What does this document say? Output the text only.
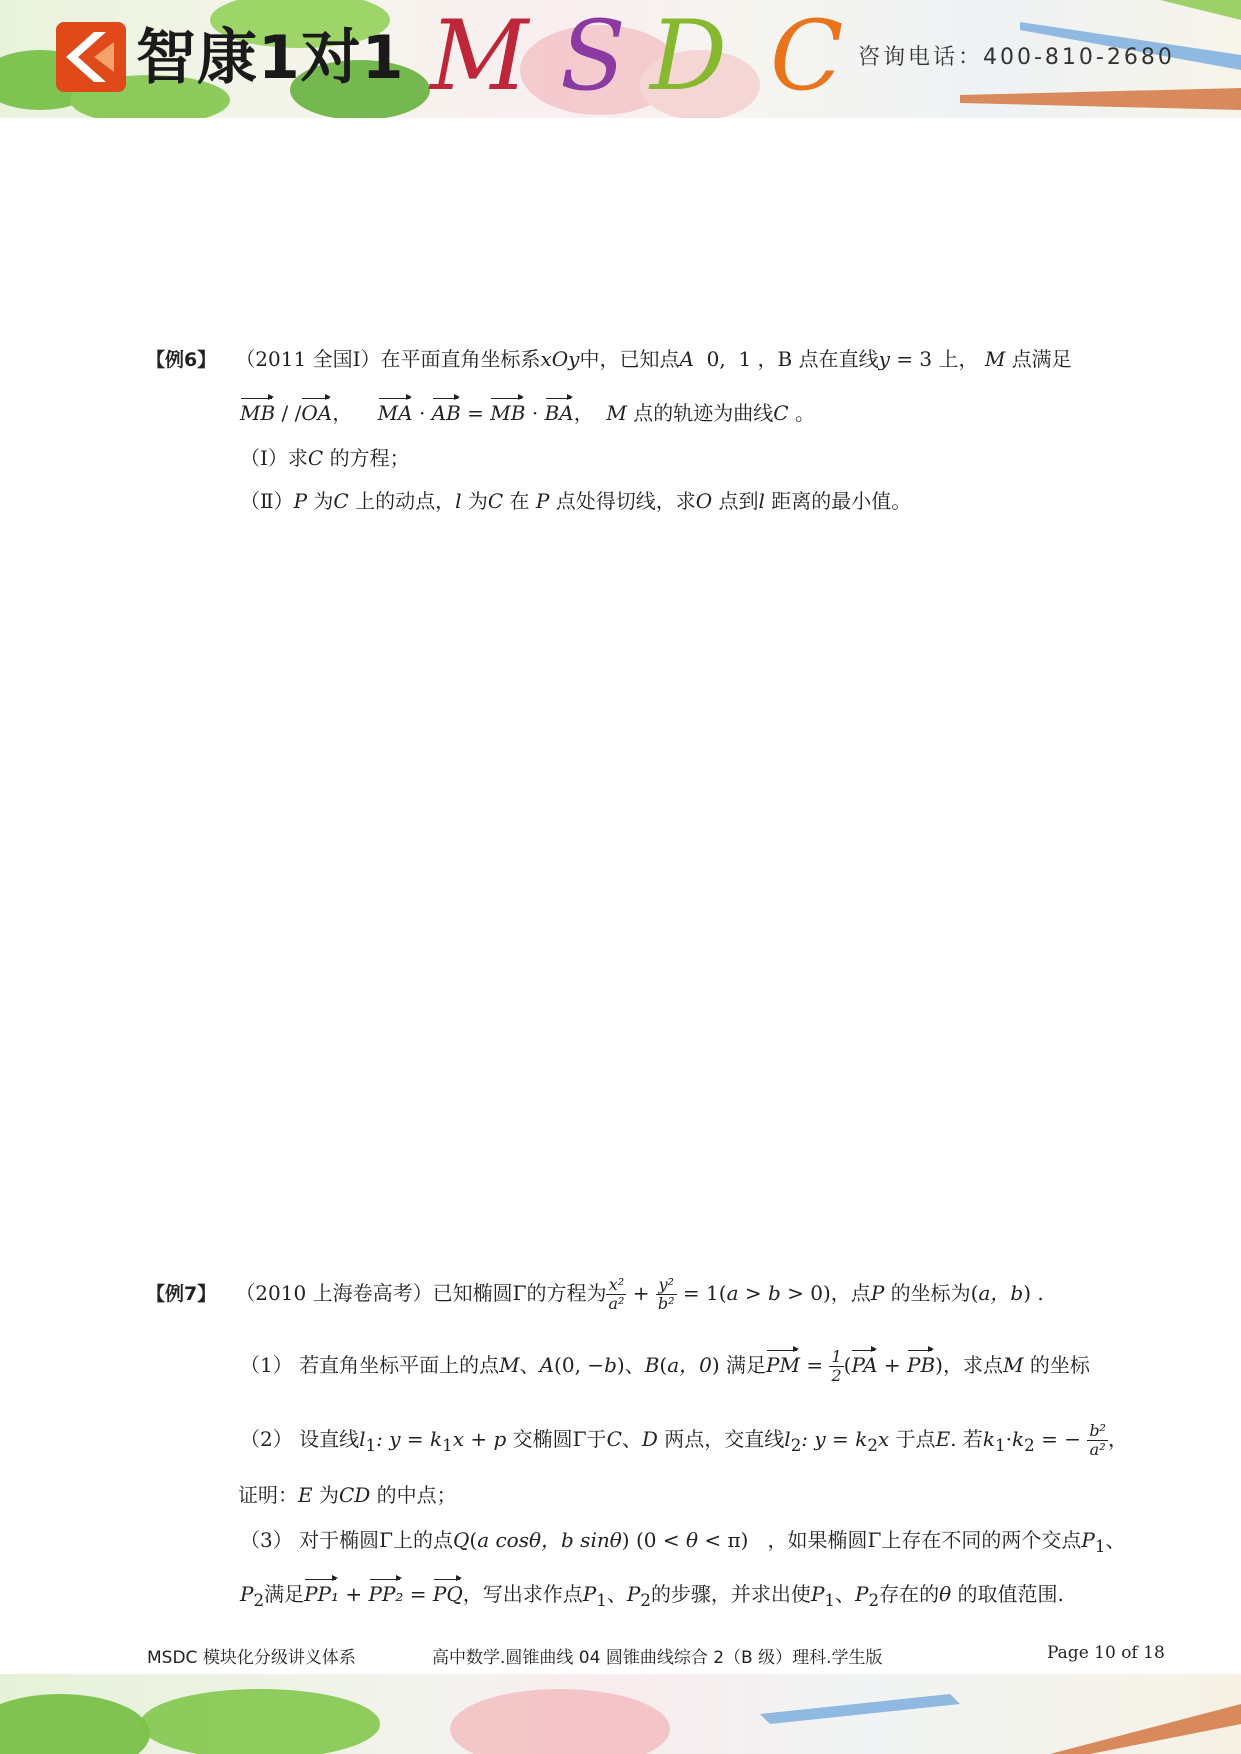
智康1对1 M S D C 咨询电话：400-810-2680
【例6】 （2011 全国Ⅰ）在平面直角坐标系xOy中，已知点A 0, 1 ，B 点在直线y = 3 上， M 点满足
MB / /OA， MA · AB = MB · BA， M 点的轨迹为曲线C 。
（Ⅰ）求C 的方程；
（Ⅱ）P 为C 上的动点，l 为C 在 P 点处得切线，求O 点到l 距离的最小值。
【例7】 （2010 上海卷高考）已知椭圆Γ的方程为 $\frac{\text{x²}}{\text{a²}} + \frac{\text{y²}}{\text{b²}} = 1(a > b > 0)$，点P 的坐标为(a，b) .
（1） 若直角坐标平面上的点M、A(0, −b)、B(a，0) 满足PM = $\frac{1}{2} (PA + PB)$，求点M 的坐标
（2） 设直线$l_1$: $y = k_1x + p$ 交椭圆Γ于C、D 两点，交直线$l_2$: $y = k_2x$ 于点E. 若$k_1\cdot k_2$ = − $\frac{\text{b²}}{\text{a²}}$ ，
证明：E 为CD 的中点；
（3） 对于椭圆Γ上的点Q(a cosθ，b sinθ) (0 < θ < π) ，如果椭圆Γ上存在不同的两个交点$P_1$、
$P_2$满足PP₁ + PP₂ = PQ，写出求作点$P_1$、$P_2$的步骤，并求出使$P_1$、$P_2$存在的θ 的取值范围.
MSDC 模块化分级讲义体系	高中数学.圆锥曲线 04 圆锥曲线综合 2（B 级）理科.学生版	Page 10 of 18
